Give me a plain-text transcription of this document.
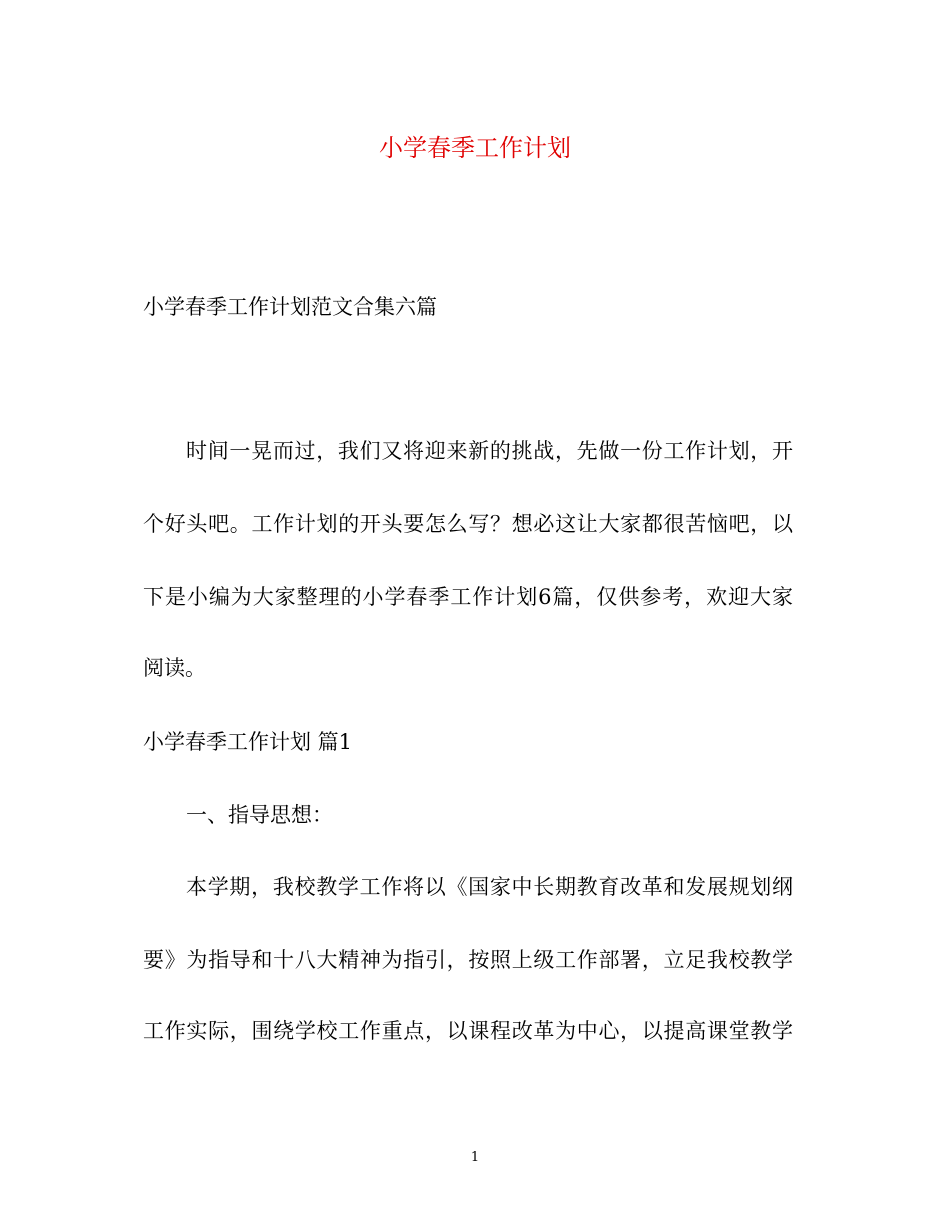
小学春季工作计划

小学春季工作计划范文合集六篇

时间一晃而过，我们又将迎来新的挑战，先做一份工作计划，开

个好头吧。工作计划的开头要怎么写？想必这让大家都很苦恼吧，以

下是小编为大家整理的小学春季工作计划6篇，仅供参考，欢迎大家

阅读。

小学春季工作计划 篇1

一、指导思想：

本学期，我校教学工作将以《国家中长期教育改革和发展规划纲

要》为指导和十八大精神为指引，按照上级工作部署，立足我校教学

工作实际，围绕学校工作重点，以课程改革为中心，以提高课堂教学

1
